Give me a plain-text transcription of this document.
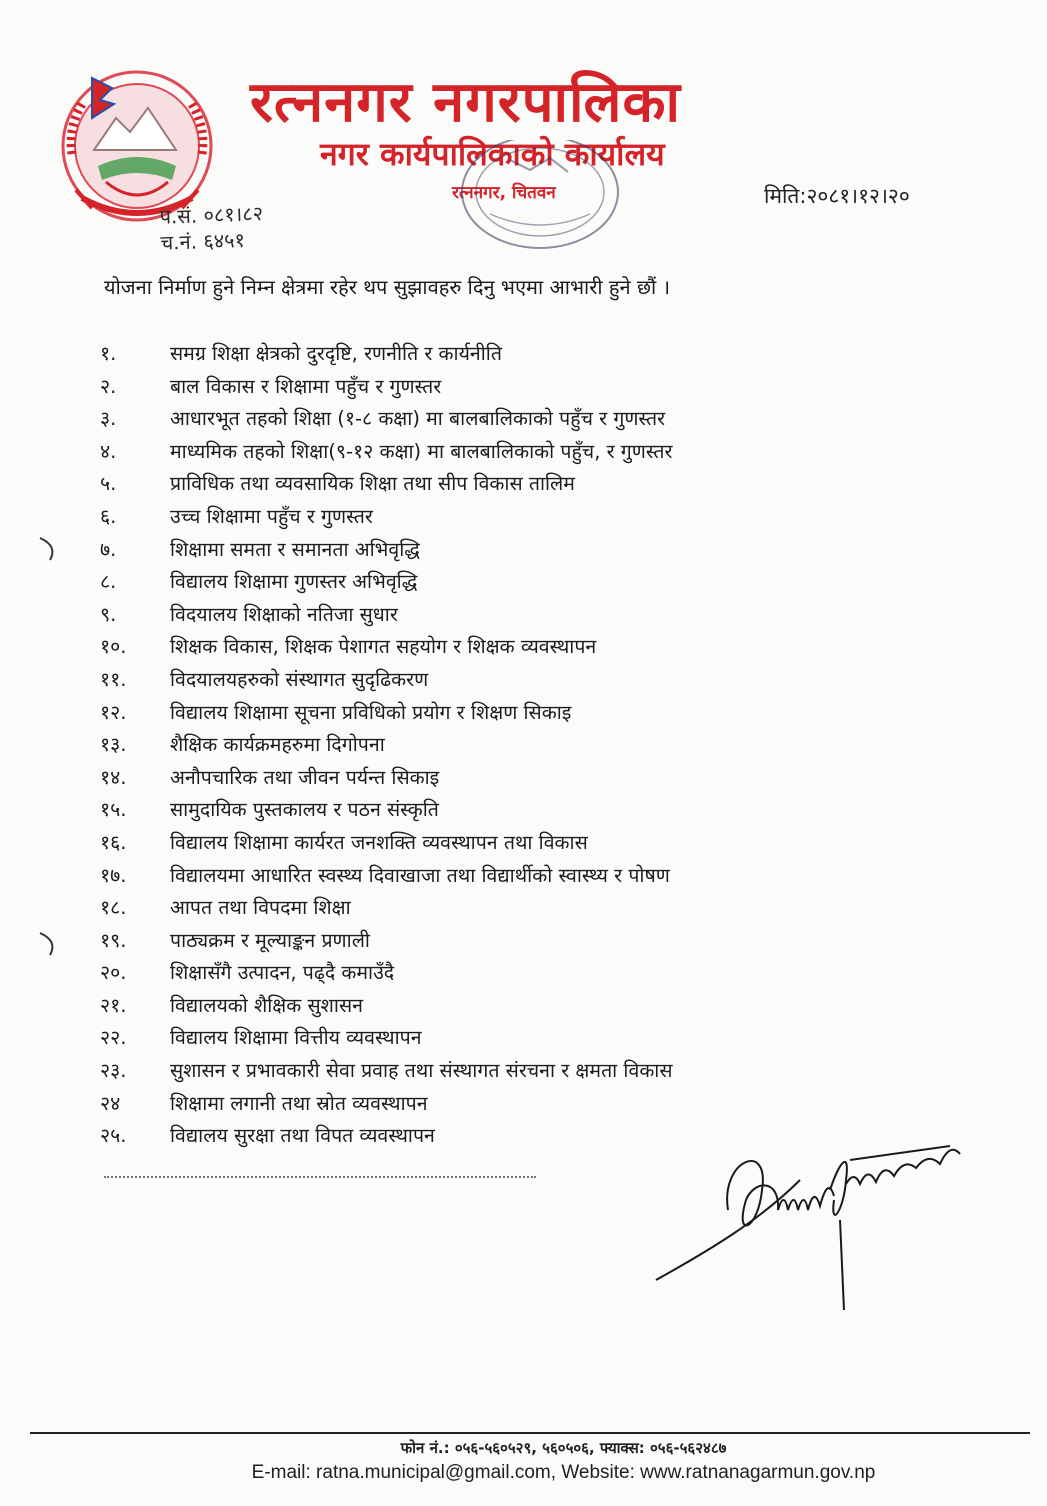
रत्ननगर नगरपालिका
नगर कार्यपालिकाको कार्यालय
रत्ननगर, चितवन	मिति:२०८१।१२।२०
प.सं. ०८१।८२
च.नं. ६४५१
योजना निर्माण हुने निम्न क्षेत्रमा रहेर थप सुझावहरु दिनु भएमा आभारी हुने छौं ।
१.	समग्र शिक्षा क्षेत्रको दुरदृष्टि, रणनीति र कार्यनीति
२.	बाल विकास र शिक्षामा पहुँच र गुणस्तर
३.	आधारभूत तहको शिक्षा (१-८ कक्षा) मा बालबालिकाको पहुँच र गुणस्तर
४.	माध्यमिक तहको शिक्षा(९-१२ कक्षा) मा बालबालिकाको पहुँच, र गुणस्तर
५.	प्राविधिक तथा व्यवसायिक शिक्षा तथा सीप विकास तालिम
६.	उच्च शिक्षामा पहुँच र गुणस्तर
७.	शिक्षामा समता र समानता अभिवृद्धि
८.	विद्यालय शिक्षामा गुणस्तर अभिवृद्धि
९.	विदयालय शिक्षाको नतिजा सुधार
१०.	शिक्षक विकास, शिक्षक पेशागत सहयोग र शिक्षक व्यवस्थापन
११.	विदयालयहरुको संस्थागत सुदृढिकरण
१२.	विद्यालय शिक्षामा सूचना प्रविधिको प्रयोग र शिक्षण सिकाइ
१३.	शैक्षिक कार्यक्रमहरुमा दिगोपना
१४.	अनौपचारिक तथा जीवन पर्यन्त सिकाइ
१५.	सामुदायिक पुस्तकालय र पठन संस्कृति
१६.	विद्यालय शिक्षामा कार्यरत जनशक्ति व्यवस्थापन तथा विकास
१७.	विद्यालयमा आधारित स्वस्थ्य दिवाखाजा तथा विद्यार्थीको स्वास्थ्य र पोषण
१८.	आपत तथा विपदमा शिक्षा
१९.	पाठ्यक्रम र मूल्याङ्कन प्रणाली
२०.	शिक्षासँगै उत्पादन, पढ्दै कमाउँदै
२१.	विद्यालयको शैक्षिक सुशासन
२२.	विद्यालय शिक्षामा वित्तीय व्यवस्थापन
२३.	सुशासन र प्रभावकारी सेवा प्रवाह तथा संस्थागत संरचना र क्षमता विकास
२४	शिक्षामा लगानी तथा स्रोत व्यवस्थापन
२५.	विद्यालय सुरक्षा तथा विपत व्यवस्थापन
फोन नं.: ०५६-५६०५२९, ५६०५०६, फ्याक्स: ०५६-५६२४८७
E-mail: ratna.municipal@gmail.com, Website: www.ratnanagarmun.gov.np
